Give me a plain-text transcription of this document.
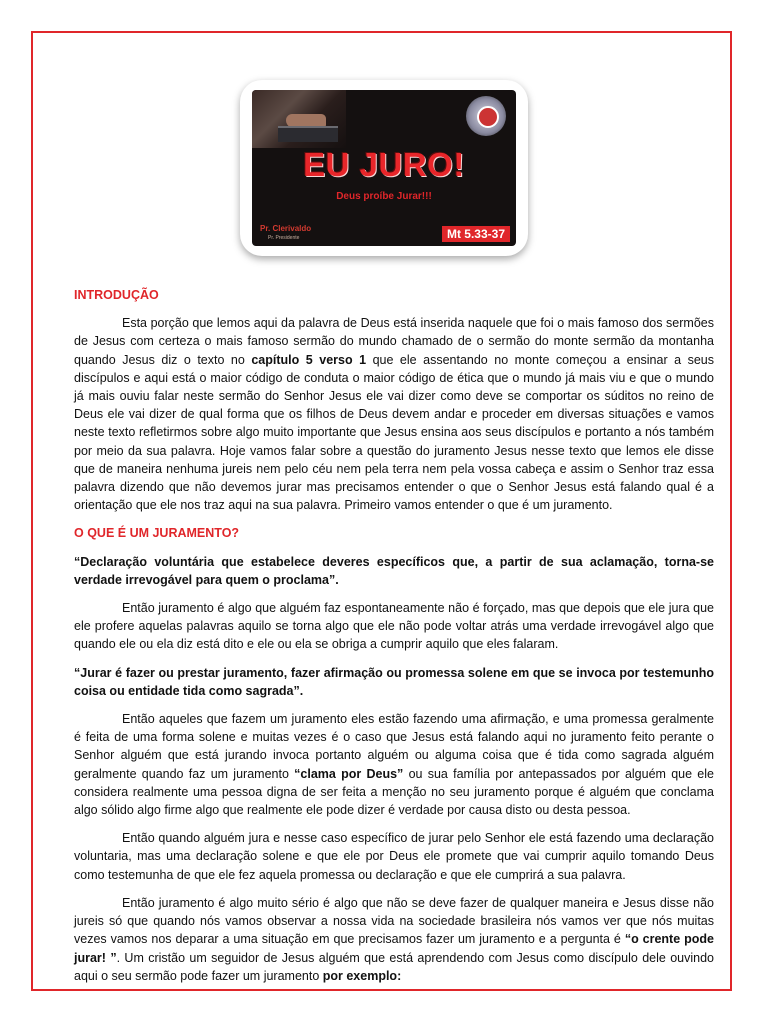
EU JURO!
Deus proíbe Jurar!!!
Pr. Clerivaldo
Pr. Presidente	Mt 5.33-37
INTRODUÇÃO

Esta porção que lemos aqui da palavra de Deus está inserida naquele que foi o mais famoso dos sermões de Jesus com certeza o mais famoso sermão do mundo chamado de o sermão do monte sermão da montanha quando Jesus diz o texto no capítulo 5 verso 1 que ele assentando no monte começou a ensinar a seus discípulos e aqui está o maior código de conduta o maior código de ética que o mundo já mais viu e que o mundo já mais ouviu falar neste sermão do Senhor Jesus ele vai dizer como deve se comportar os súditos no reino de Deus ele vai dizer de qual forma que os filhos de Deus devem andar e proceder em diversas situações e vamos neste texto refletirmos sobre algo muito importante que Jesus ensina aos seus discípulos e portanto a nós também por meio da sua palavra. Hoje vamos falar sobre a questão do juramento Jesus nesse texto que lemos ele disse que de maneira nenhuma jureis nem pelo céu nem pela terra nem pela vossa cabeça e assim o Senhor traz essa palavra dizendo que não devemos jurar mas precisamos entender o que o Senhor Jesus está falando qual é a orientação que ele nos traz aqui na sua palavra. Primeiro vamos entender o que é um juramento.

O QUE É UM JURAMENTO?

“Declaração voluntária que estabelece deveres específicos que, a partir de sua aclamação, torna-se verdade irrevogável para quem o proclama”.

Então juramento é algo que alguém faz espontaneamente não é forçado, mas que depois que ele jura que ele profere aquelas palavras aquilo se torna algo que ele não pode voltar atrás uma verdade irrevogável algo que quando ele ou ela diz está dito e ele ou ela se obriga a cumprir aquilo que eles falaram.

“Jurar é fazer ou prestar juramento, fazer afirmação ou promessa solene em que se invoca por testemunho coisa ou entidade tida como sagrada”.

Então aqueles que fazem um juramento eles estão fazendo uma afirmação, e uma promessa geralmente é feita de uma forma solene e muitas vezes é o caso que Jesus está falando aqui no juramento feito perante o Senhor alguém que está jurando invoca portanto alguém ou alguma coisa que é tida como sagrada alguém geralmente quando faz um juramento “clama por Deus” ou sua família por antepassados por alguém que ele considera realmente uma pessoa digna de ser feita a menção no seu juramento porque é alguém que conclama algo sólido algo firme algo que realmente ele pode dizer é verdade por causa disto ou desta pessoa.

Então quando alguém jura e nesse caso específico de jurar pelo Senhor ele está fazendo uma declaração voluntaria, mas uma declaração solene e que ele por Deus ele promete que vai cumprir aquilo tomando Deus como testemunha de que ele fez aquela promessa ou declaração e que ele cumprirá a sua palavra.

Então juramento é algo muito sério é algo que não se deve fazer de qualquer maneira e Jesus disse não jureis só que quando nós vamos observar a nossa vida na sociedade brasileira nós vamos ver que nós muitas vezes vamos nos deparar a uma situação em que precisamos fazer um juramento e a pergunta é “o crente pode jurar! ”. Um cristão um seguidor de Jesus alguém que está aprendendo com Jesus como discípulo dele ouvindo aqui o seu sermão pode fazer um juramento por exemplo:
